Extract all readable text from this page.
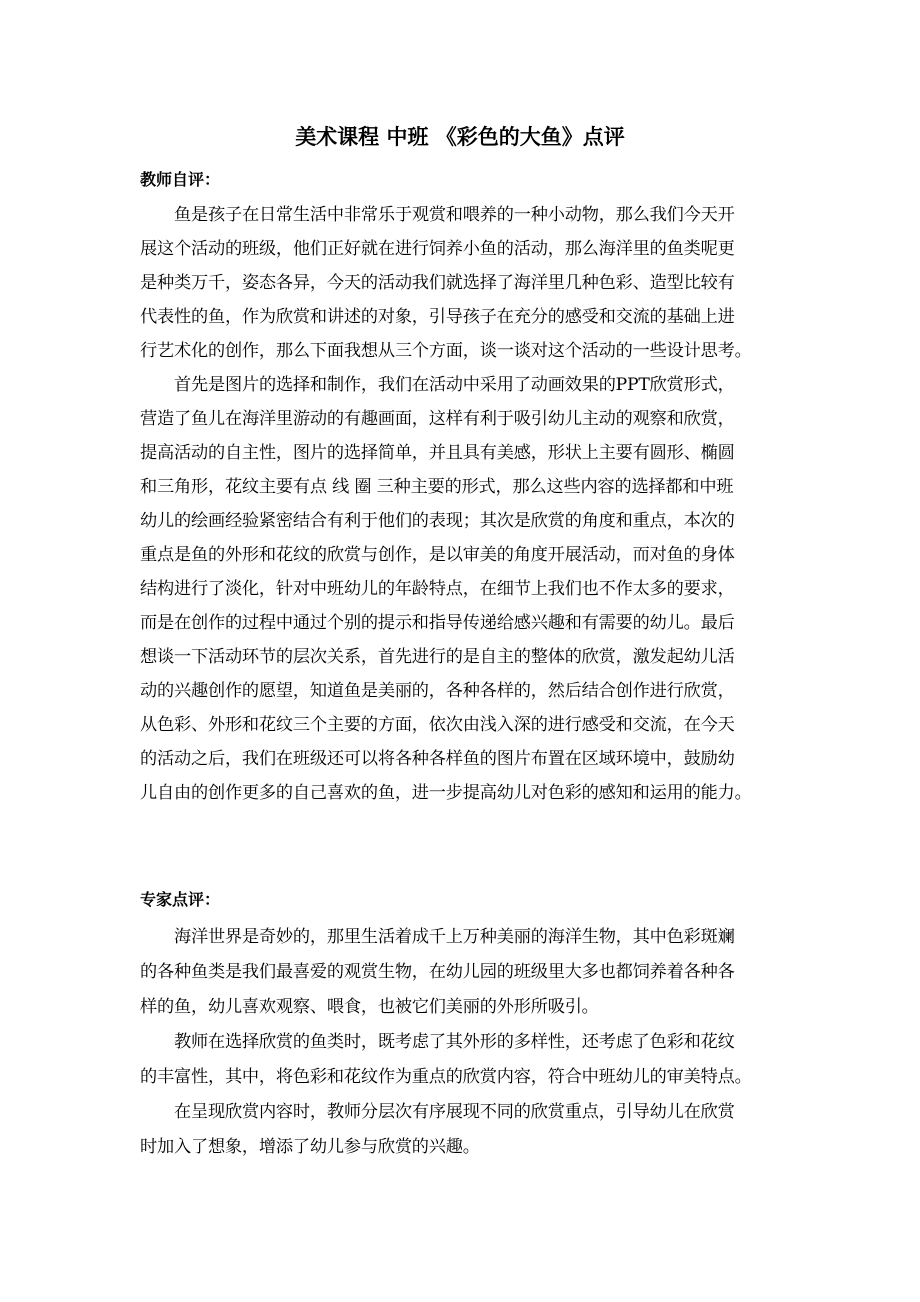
美术课程 中班 《彩色的大鱼》点评
教师自评：
鱼是孩子在日常生活中非常乐于观赏和喂养的一种小动物，那么我们今天开
展这个活动的班级，他们正好就在进行饲养小鱼的活动，那么海洋里的鱼类呢更
是种类万千，姿态各异，今天的活动我们就选择了海洋里几种色彩、造型比较有
代表性的鱼，作为欣赏和讲述的对象，引导孩子在充分的感受和交流的基础上进
行艺术化的创作，那么下面我想从三个方面，谈一谈对这个活动的一些设计思考。
首先是图片的选择和制作，我们在活动中采用了动画效果的PPT欣赏形式，
营造了鱼儿在海洋里游动的有趣画面，这样有利于吸引幼儿主动的观察和欣赏，
提高活动的自主性，图片的选择简单，并且具有美感，形状上主要有圆形、椭圆
和三角形，花纹主要有点 线 圈 三种主要的形式，那么这些内容的选择都和中班
幼儿的绘画经验紧密结合有利于他们的表现；其次是欣赏的角度和重点，本次的
重点是鱼的外形和花纹的欣赏与创作，是以审美的角度开展活动，而对鱼的身体
结构进行了淡化，针对中班幼儿的年龄特点，在细节上我们也不作太多的要求，
而是在创作的过程中通过个别的提示和指导传递给感兴趣和有需要的幼儿。最后
想谈一下活动环节的层次关系，首先进行的是自主的整体的欣赏，激发起幼儿活
动的兴趣创作的愿望，知道鱼是美丽的，各种各样的，然后结合创作进行欣赏，
从色彩、外形和花纹三个主要的方面，依次由浅入深的进行感受和交流，在今天
的活动之后，我们在班级还可以将各种各样鱼的图片布置在区域环境中，鼓励幼
儿自由的创作更多的自己喜欢的鱼，进一步提高幼儿对色彩的感知和运用的能力。
专家点评：
海洋世界是奇妙的，那里生活着成千上万种美丽的海洋生物，其中色彩斑斓
的各种鱼类是我们最喜爱的观赏生物，在幼儿园的班级里大多也都饲养着各种各
样的鱼，幼儿喜欢观察、喂食，也被它们美丽的外形所吸引。
教师在选择欣赏的鱼类时，既考虑了其外形的多样性，还考虑了色彩和花纹
的丰富性，其中，将色彩和花纹作为重点的欣赏内容，符合中班幼儿的审美特点。
在呈现欣赏内容时，教师分层次有序展现不同的欣赏重点，引导幼儿在欣赏
时加入了想象，增添了幼儿参与欣赏的兴趣。
